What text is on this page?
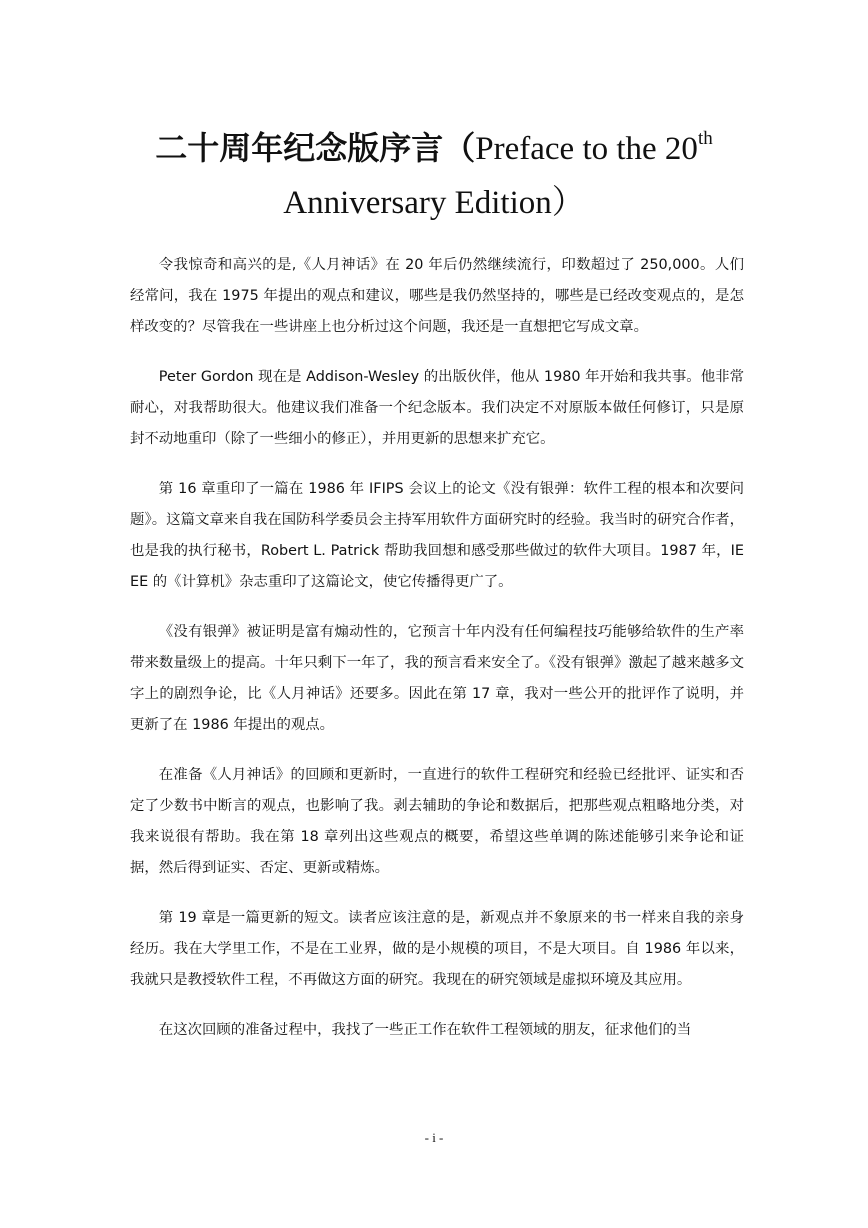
二十周年纪念版序言（Preface to the 20th
Anniversary Edition）

令我惊奇和高兴的是,《人月神话》在 20 年后仍然继续流行，印数超过了 250,000。人们经常问，我在 1975 年提出的观点和建议，哪些是我仍然坚持的，哪些是已经改变观点的，是怎样改变的？尽管我在一些讲座上也分析过这个问题，我还是一直想把它写成文章。

Peter Gordon 现在是 Addison-Wesley 的出版伙伴，他从 1980 年开始和我共事。他非常耐心，对我帮助很大。他建议我们准备一个纪念版本。我们决定不对原版本做任何修订，只是原封不动地重印（除了一些细小的修正），并用更新的思想来扩充它。

第 16 章重印了一篇在 1986 年 IFIPS 会议上的论文《没有银弹：软件工程的根本和次要问题》。这篇文章来自我在国防科学委员会主持军用软件方面研究时的经验。我当时的研究合作者，也是我的执行秘书，Robert L. Patrick 帮助我回想和感受那些做过的软件大项目。1987 年，IEEE 的《计算机》杂志重印了这篇论文，使它传播得更广了。

《没有银弹》被证明是富有煽动性的，它预言十年内没有任何编程技巧能够给软件的生产率带来数量级上的提高。十年只剩下一年了，我的预言看来安全了。《没有银弹》激起了越来越多文字上的剧烈争论，比《人月神话》还要多。因此在第 17 章，我对一些公开的批评作了说明，并更新了在 1986 年提出的观点。

在准备《人月神话》的回顾和更新时，一直进行的软件工程研究和经验已经批评、证实和否定了少数书中断言的观点，也影响了我。剥去辅助的争论和数据后，把那些观点粗略地分类，对我来说很有帮助。我在第 18 章列出这些观点的概要，希望这些单调的陈述能够引来争论和证据，然后得到证实、否定、更新或精炼。

第 19 章是一篇更新的短文。读者应该注意的是，新观点并不象原来的书一样来自我的亲身经历。我在大学里工作，不是在工业界，做的是小规模的项目，不是大项目。自 1986 年以来，我就只是教授软件工程，不再做这方面的研究。我现在的研究领域是虚拟环境及其应用。

在这次回顾的准备过程中，我找了一些正工作在软件工程领域的朋友，征求他们的当

- i -
